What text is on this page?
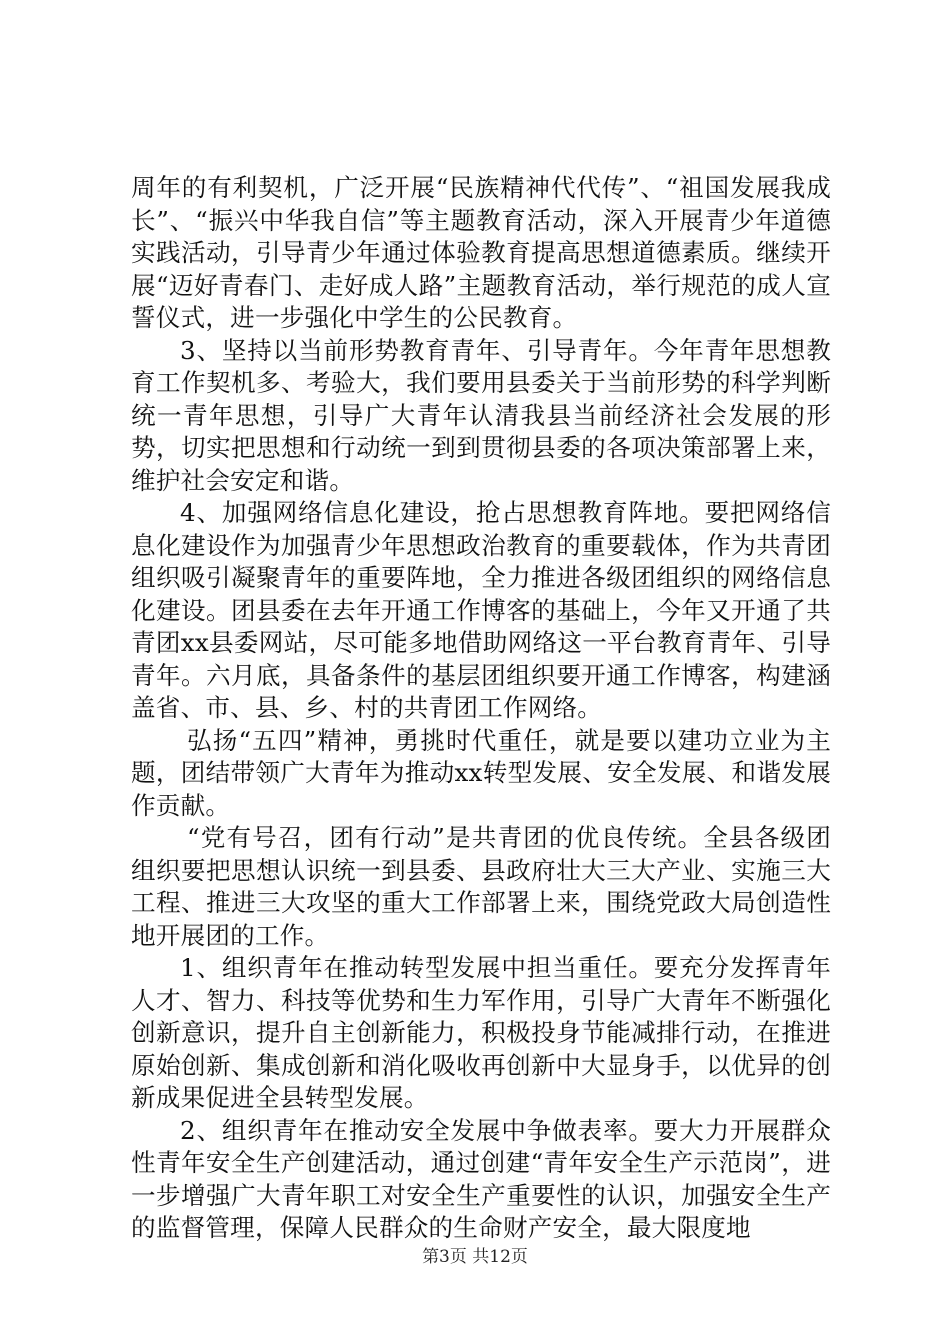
周年的有利契机，广泛开展“民族精神代代传”、“祖国发展我成长”、“振兴中华我自信”等主题教育活动，深入开展青少年道德实践活动，引导青少年通过体验教育提高思想道德素质。继续开展“迈好青春门、走好成人路”主题教育活动，举行规范的成人宣誓仪式，进一步强化中学生的公民教育。

3、坚持以当前形势教育青年、引导青年。今年青年思想教育工作契机多、考验大，我们要用县委关于当前形势的科学判断统一青年思想，引导广大青年认清我县当前经济社会发展的形势，切实把思想和行动统一到到贯彻县委的各项决策部署上来，维护社会安定和谐。

4、加强网络信息化建设，抢占思想教育阵地。要把网络信息化建设作为加强青少年思想政治教育的重要载体，作为共青团组织吸引凝聚青年的重要阵地，全力推进各级团组织的网络信息化建设。团县委在去年开通工作博客的基础上，今年又开通了共青团xx县委网站，尽可能多地借助网络这一平台教育青年、引导青年。六月底，具备条件的基层团组织要开通工作博客，构建涵盖省、市、县、乡、村的共青团工作网络。

弘扬“五四”精神，勇挑时代重任，就是要以建功立业为主题，团结带领广大青年为推动xx转型发展、安全发展、和谐发展作贡献。

“党有号召，团有行动”是共青团的优良传统。全县各级团组织要把思想认识统一到县委、县政府壮大三大产业、实施三大工程、推进三大攻坚的重大工作部署上来，围绕党政大局创造性地开展团的工作。

1、组织青年在推动转型发展中担当重任。要充分发挥青年人才、智力、科技等优势和生力军作用，引导广大青年不断强化创新意识，提升自主创新能力，积极投身节能减排行动，在推进原始创新、集成创新和消化吸收再创新中大显身手，以优异的创新成果促进全县转型发展。

2、组织青年在推动安全发展中争做表率。要大力开展群众性青年安全生产创建活动，通过创建“青年安全生产示范岗”，进一步增强广大青年职工对安全生产重要性的认识，加强安全生产的监督管理，保障人民群众的生命财产安全，最大限度地

第3页 共12页
